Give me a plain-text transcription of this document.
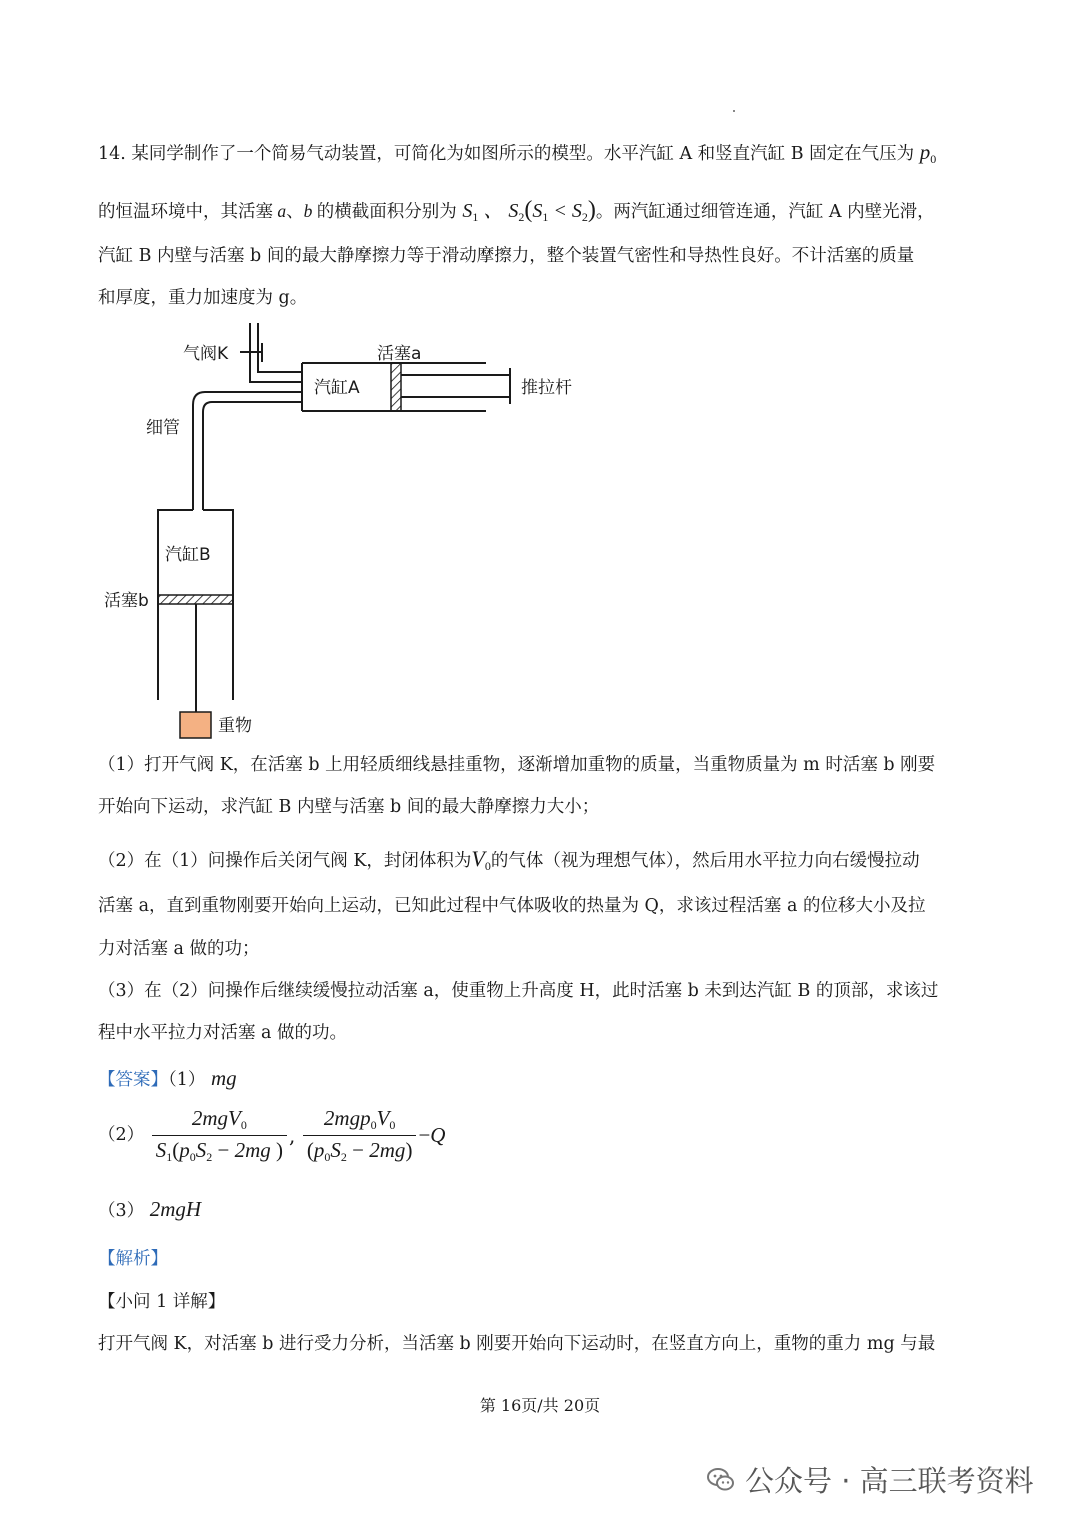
14. 某同学制作了一个简易气动装置，可简化为如图所示的模型。水平汽缸 A 和竖直汽缸 B 固定在气压为 $p_0$
的恒温环境中，其活塞 a、b 的横截面积分别为 $S_1$ 、 $S_2(S_1 < S_2)$。两汽缸通过细管连通，汽缸 A 内壁光滑，
汽缸 B 内壁与活塞 b 间的最大静摩擦力等于滑动摩擦力，整个装置气密性和导热性良好。不计活塞的质量
和厚度，重力加速度为 g。
气阀K	活塞a
汽缸A	推拉杆
细管
汽缸B
活塞b
重物
（1）打开气阀 K，在活塞 b 上用轻质细线悬挂重物，逐渐增加重物的质量，当重物质量为 m 时活塞 b 刚要
开始向下运动，求汽缸 B 内壁与活塞 b 间的最大静摩擦力大小；
（2）在（1）问操作后关闭气阀 K，封闭体积为$V_0$的气体（视为理想气体），然后用水平拉力向右缓慢拉动
活塞 a，直到重物刚要开始向上运动，已知此过程中气体吸收的热量为 Q，求该过程活塞 a 的位移大小及拉
力对活塞 a 做的功；
（3）在（2）问操作后继续缓慢拉动活塞 a，使重物上升高度 H，此时活塞 b 未到达汽缸 B 的顶部，求该过
程中水平拉力对活塞 a 做的功。
【答案】（1） mg
$(2) \frac{2mgV_0}{S_1(p_0S_2 - 2mg )}$ , $\frac{2mgp_0V_0}{(p_0S_2 - 2mg)} -Q$
（3） 2mgH
【解析】
【小问 1 详解】
打开气阀 K，对活塞 b 进行受力分析，当活塞 b 刚要开始向下运动时，在竖直方向上，重物的重力 mg 与最
第 16页/共 20页
公众号 · 高三联考资料
